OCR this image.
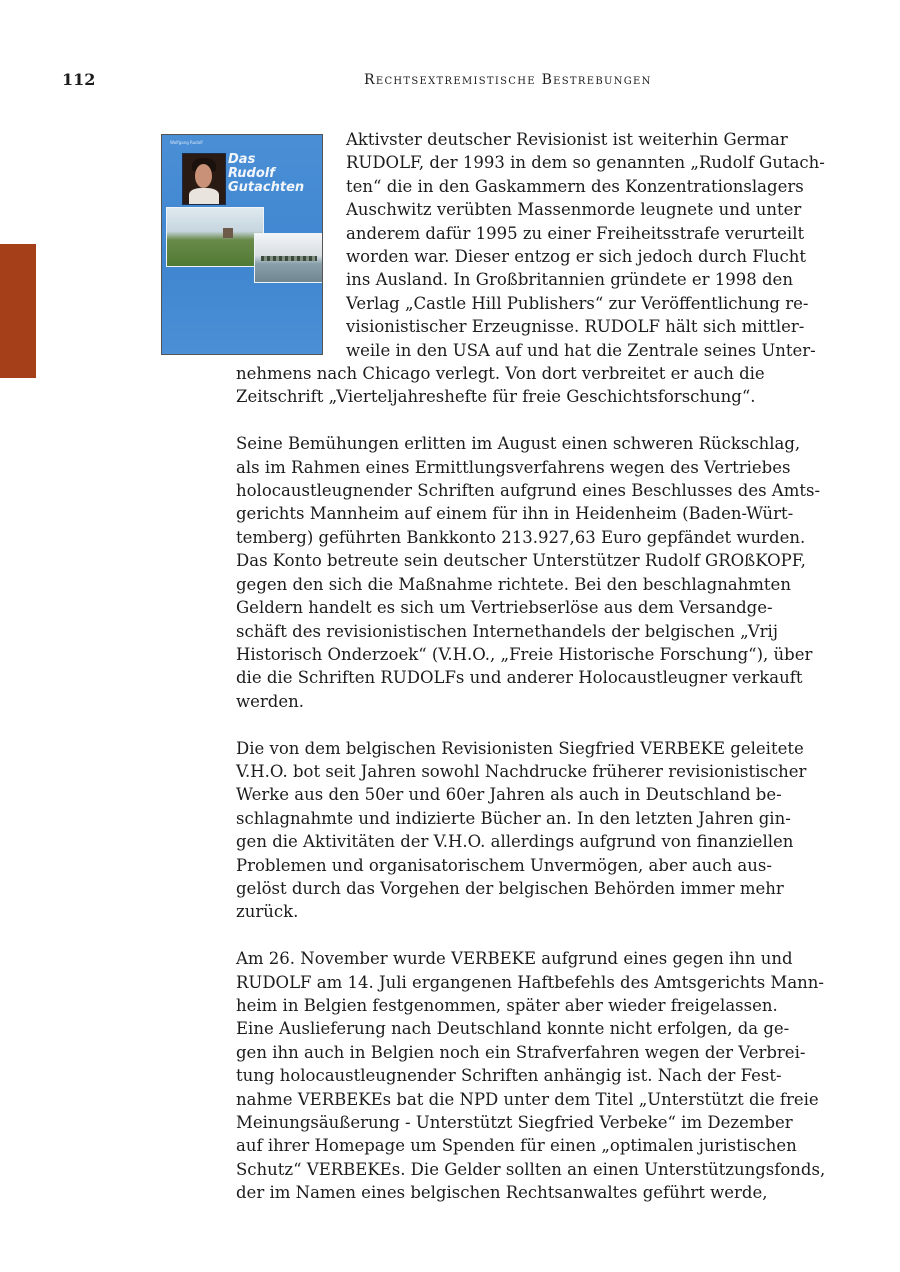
112	Rechtsextremistische Bestrebungen
Wolfgang Rudolf
Das
Rudolf
Gutachten

Aktivster deutscher Revisionist ist weiterhin Germar
RUDOLF, der 1993 in dem so genannten „Rudolf Gutach-
ten“ die in den Gaskammern des Konzentrationslagers
Auschwitz verübten Massenmorde leugnete und unter
anderem dafür 1995 zu einer Freiheitsstrafe verurteilt
worden war. Dieser entzog er sich jedoch durch Flucht
ins Ausland. In Großbritannien gründete er 1998 den
Verlag „Castle Hill Publishers“ zur Veröffentlichung re-
visionistischer Erzeugnisse. RUDOLF hält sich mittler-
weile in den USA auf und hat die Zentrale seines Unter-
nehmens nach Chicago verlegt. Von dort verbreitet er auch die
Zeitschrift „Vierteljahreshefte für freie Geschichtsforschung“.

Seine Bemühungen erlitten im August einen schweren Rückschlag,
als im Rahmen eines Ermittlungsverfahrens wegen des Vertriebes
holocaustleugnender Schriften aufgrund eines Beschlusses des Amts-
gerichts Mannheim auf einem für ihn in Heidenheim (Baden-Würt-
temberg) geführten Bankkonto 213.927,63 Euro gepfändet wurden.
Das Konto betreute sein deutscher Unterstützer Rudolf GROßKOPF,
gegen den sich die Maßnahme richtete. Bei den beschlagnahmten
Geldern handelt es sich um Vertriebserlöse aus dem Versandge-
schäft des revisionistischen Internethandels der belgischen „Vrij
Historisch Onderzoek“ (V.H.O., „Freie Historische Forschung“), über
die die Schriften RUDOLFs und anderer Holocaustleugner verkauft
werden.

Die von dem belgischen Revisionisten Siegfried VERBEKE geleitete
V.H.O. bot seit Jahren sowohl Nachdrucke früherer revisionistischer
Werke aus den 50er und 60er Jahren als auch in Deutschland be-
schlagnahmte und indizierte Bücher an. In den letzten Jahren gin-
gen die Aktivitäten der V.H.O. allerdings aufgrund von finanziellen
Problemen und organisatorischem Unvermögen, aber auch aus-
gelöst durch das Vorgehen der belgischen Behörden immer mehr
zurück.

Am 26. November wurde VERBEKE aufgrund eines gegen ihn und
RUDOLF am 14. Juli ergangenen Haftbefehls des Amtsgerichts Mann-
heim in Belgien festgenommen, später aber wieder freigelassen.
Eine Auslieferung nach Deutschland konnte nicht erfolgen, da ge-
gen ihn auch in Belgien noch ein Strafverfahren wegen der Verbrei-
tung holocaustleugnender Schriften anhängig ist. Nach der Fest-
nahme VERBEKEs bat die NPD unter dem Titel „Unterstützt die freie
Meinungsäußerung - Unterstützt Siegfried Verbeke“ im Dezember
auf ihrer Homepage um Spenden für einen „optimalen juristischen
Schutz“ VERBEKEs. Die Gelder sollten an einen Unterstützungsfonds,
der im Namen eines belgischen Rechtsanwaltes geführt werde,
